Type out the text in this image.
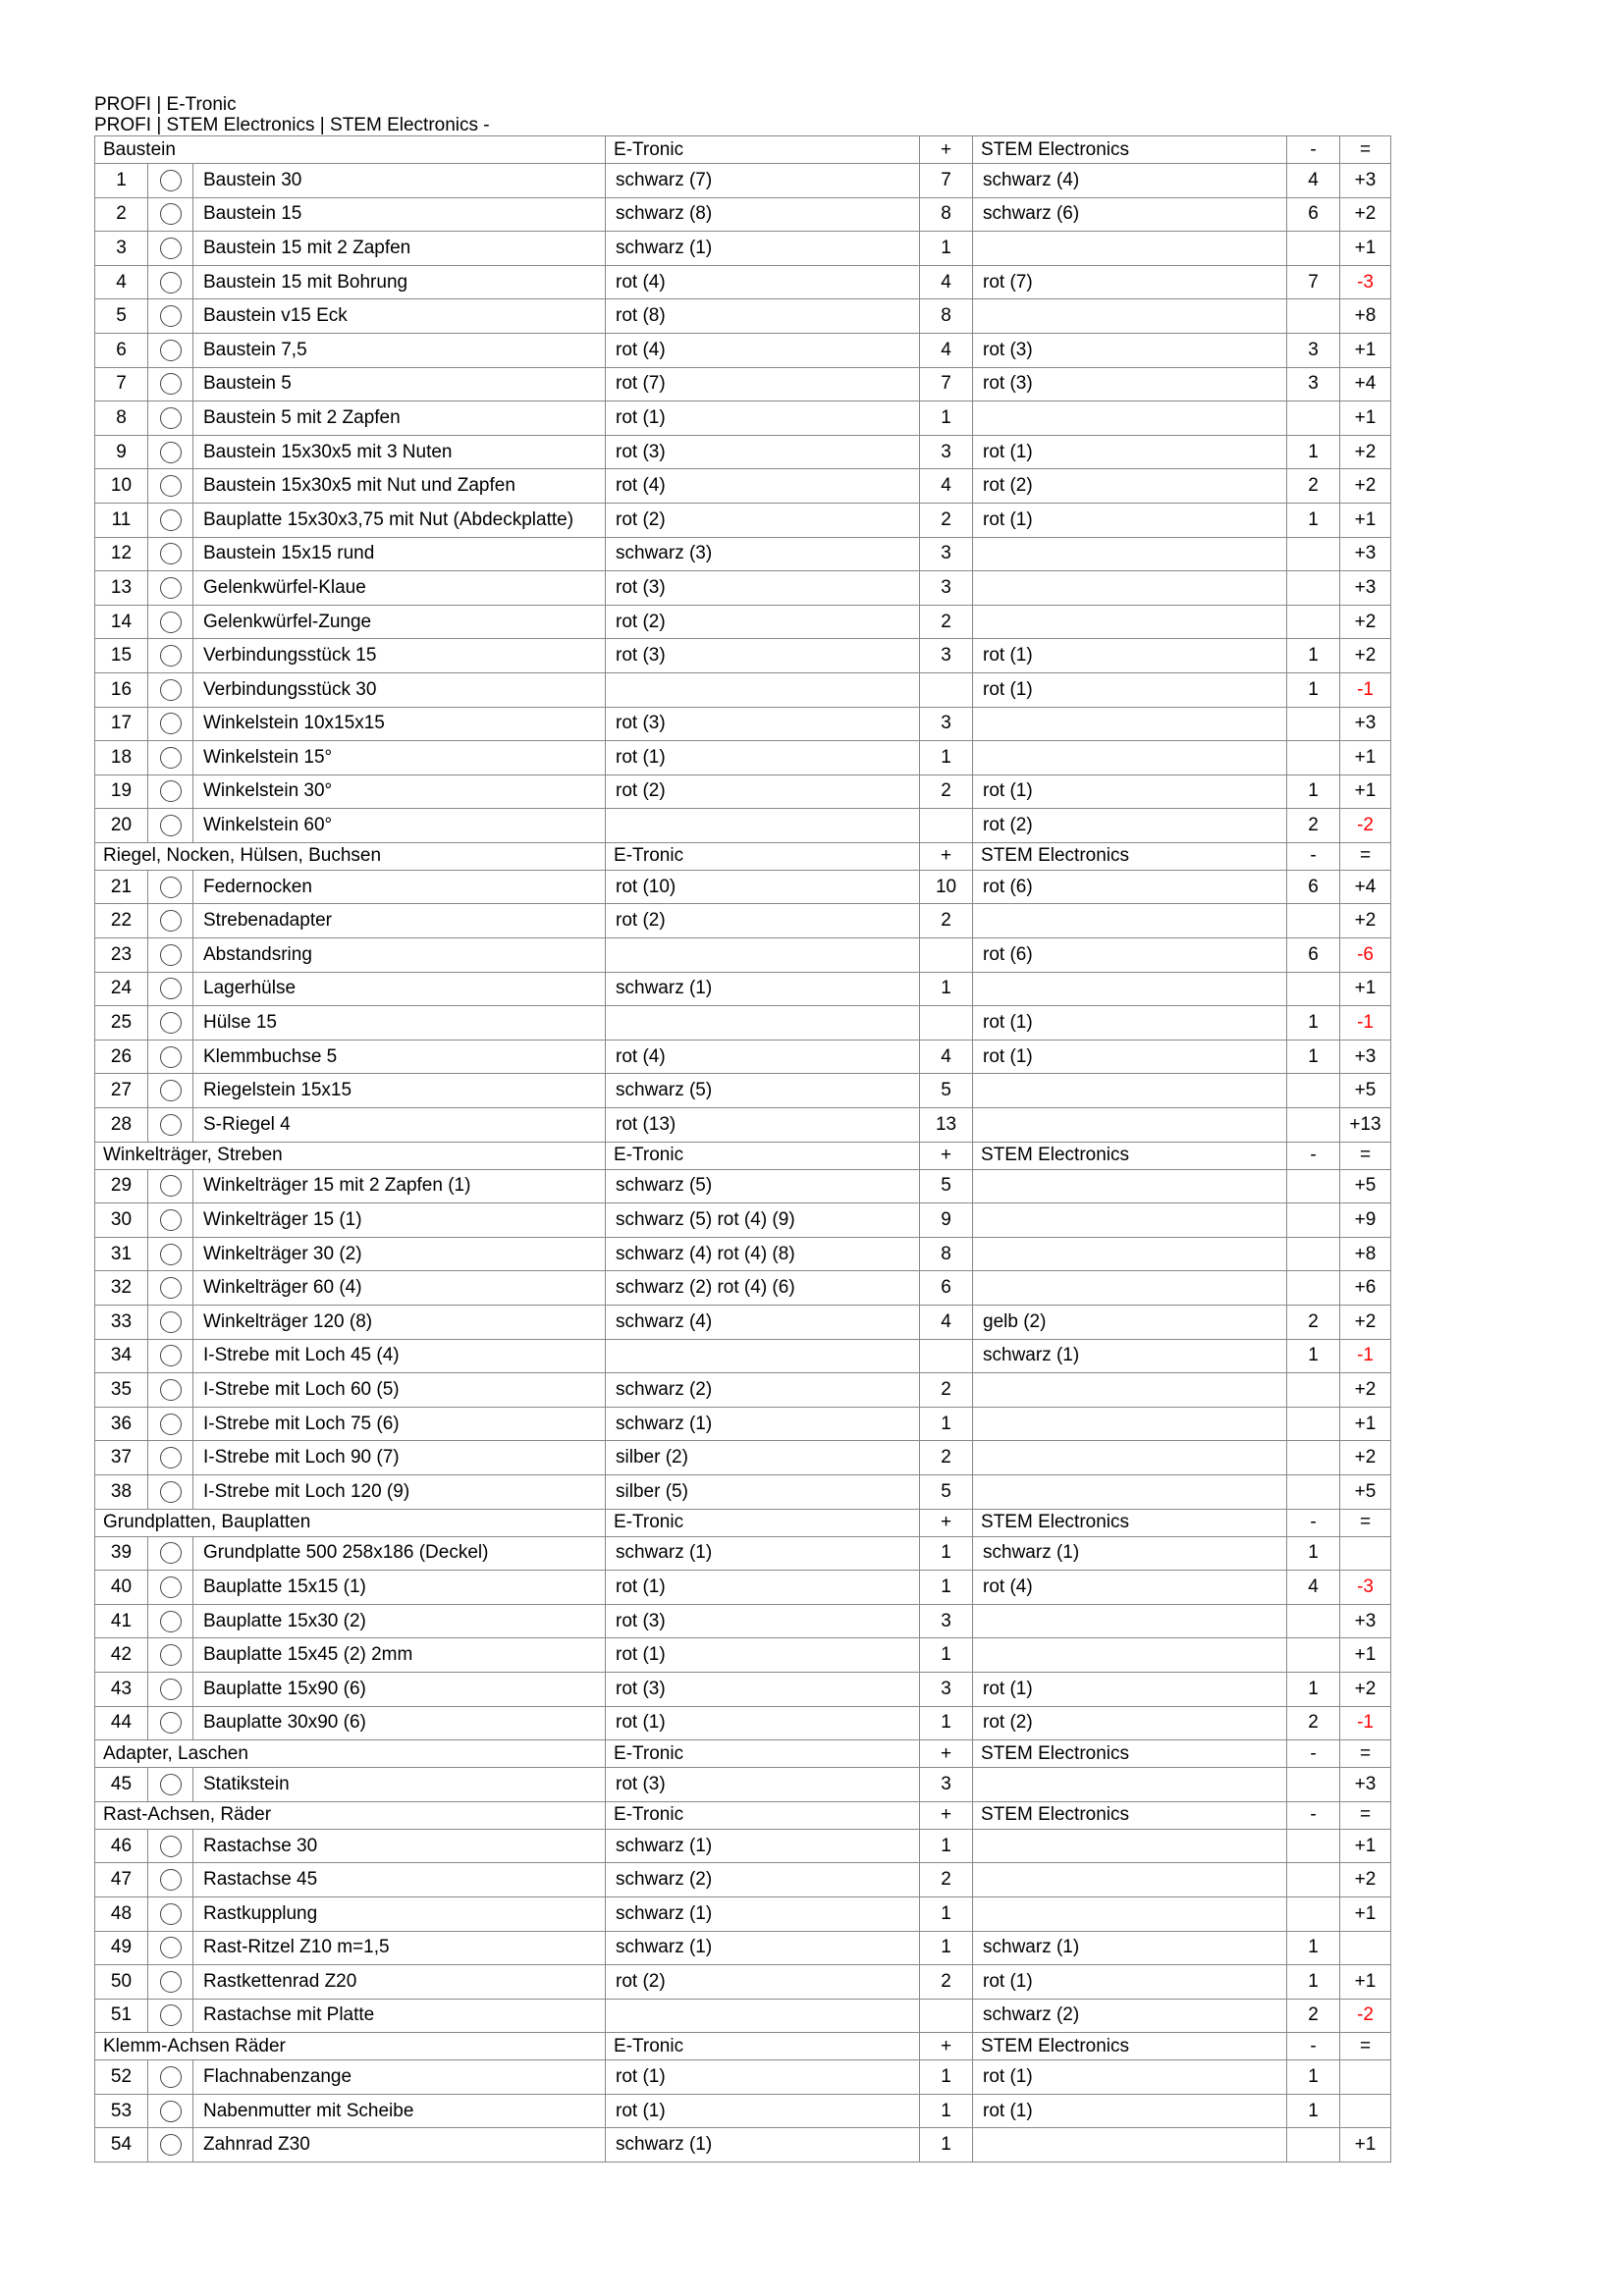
PROFI | E-Tronic
PROFI | STEM Electronics | STEM Electronics -
Baustein			E-Tronic	+	STEM Electronics	-	=
1		Baustein 30	schwarz (7)	7	schwarz (4)	4	+3
2		Baustein 15	schwarz (8)	8	schwarz (6)	6	+2
3		Baustein 15 mit 2 Zapfen	schwarz (1)	1			+1
4		Baustein 15 mit Bohrung	rot (4)	4	rot (7)	7	-3
5		Baustein v15 Eck	rot (8)	8			+8
6		Baustein 7,5	rot (4)	4	rot (3)	3	+1
7		Baustein 5	rot (7)	7	rot (3)	3	+4
8		Baustein 5 mit 2 Zapfen	rot (1)	1			+1
9		Baustein 15x30x5 mit 3 Nuten	rot (3)	3	rot (1)	1	+2
10		Baustein 15x30x5 mit Nut und Zapfen	rot (4)	4	rot (2)	2	+2
11		Bauplatte 15x30x3,75 mit Nut (Abdeckplatte)	rot (2)	2	rot (1)	1	+1
12		Baustein 15x15 rund	schwarz (3)	3			+3
13		Gelenkwürfel-Klaue	rot (3)	3			+3
14		Gelenkwürfel-Zunge	rot (2)	2			+2
15		Verbindungsstück 15	rot (3)	3	rot (1)	1	+2
16		Verbindungsstück 30			rot (1)	1	-1
17		Winkelstein 10x15x15	rot (3)	3			+3
18		Winkelstein 15°	rot (1)	1			+1
19		Winkelstein 30°	rot (2)	2	rot (1)	1	+1
20		Winkelstein 60°			rot (2)	2	-2
Riegel, Nocken, Hülsen, Buchsen			E-Tronic	+	STEM Electronics	-	=
21		Federnocken	rot (10)	10	rot (6)	6	+4
22		Strebenadapter	rot (2)	2			+2
23		Abstandsring			rot (6)	6	-6
24		Lagerhülse	schwarz (1)	1			+1
25		Hülse 15			rot (1)	1	-1
26		Klemmbuchse 5	rot (4)	4	rot (1)	1	+3
27		Riegelstein 15x15	schwarz (5)	5			+5
28		S-Riegel 4	rot (13)	13			+13
Winkelträger, Streben			E-Tronic	+	STEM Electronics	-	=
29		Winkelträger 15 mit 2 Zapfen (1)	schwarz (5)	5			+5
30		Winkelträger 15 (1)	schwarz (5) rot (4) (9)	9			+9
31		Winkelträger 30 (2)	schwarz (4) rot (4) (8)	8			+8
32		Winkelträger 60 (4)	schwarz (2) rot (4) (6)	6			+6
33		Winkelträger 120 (8)	schwarz (4)	4	gelb (2)	2	+2
34		I-Strebe mit Loch 45 (4)			schwarz (1)	1	-1
35		I-Strebe mit Loch 60 (5)	schwarz (2)	2			+2
36		I-Strebe mit Loch 75 (6)	schwarz (1)	1			+1
37		I-Strebe mit Loch 90 (7)	silber (2)	2			+2
38		I-Strebe mit Loch 120 (9)	silber (5)	5			+5
Grundplatten, Bauplatten			E-Tronic	+	STEM Electronics	-	=
39		Grundplatte 500 258x186 (Deckel)	schwarz (1)	1	schwarz (1)	1	
40		Bauplatte 15x15 (1)	rot (1)	1	rot (4)	4	-3
41		Bauplatte 15x30 (2)	rot (3)	3			+3
42		Bauplatte 15x45 (2) 2mm	rot (1)	1			+1
43		Bauplatte 15x90 (6)	rot (3)	3	rot (1)	1	+2
44		Bauplatte 30x90 (6)	rot (1)	1	rot (2)	2	-1
Adapter, Laschen			E-Tronic	+	STEM Electronics	-	=
45		Statikstein	rot (3)	3			+3
Rast-Achsen, Räder			E-Tronic	+	STEM Electronics	-	=
46		Rastachse 30	schwarz (1)	1			+1
47		Rastachse 45	schwarz (2)	2			+2
48		Rastkupplung	schwarz (1)	1			+1
49		Rast-Ritzel Z10 m=1,5	schwarz (1)	1	schwarz (1)	1	
50		Rastkettenrad Z20	rot (2)	2	rot (1)	1	+1
51		Rastachse mit Platte			schwarz (2)	2	-2
Klemm-Achsen Räder			E-Tronic	+	STEM Electronics	-	=
52		Flachnabenzange	rot (1)	1	rot (1)	1	
53		Nabenmutter mit Scheibe	rot (1)	1	rot (1)	1	
54		Zahnrad Z30	schwarz (1)	1			+1
